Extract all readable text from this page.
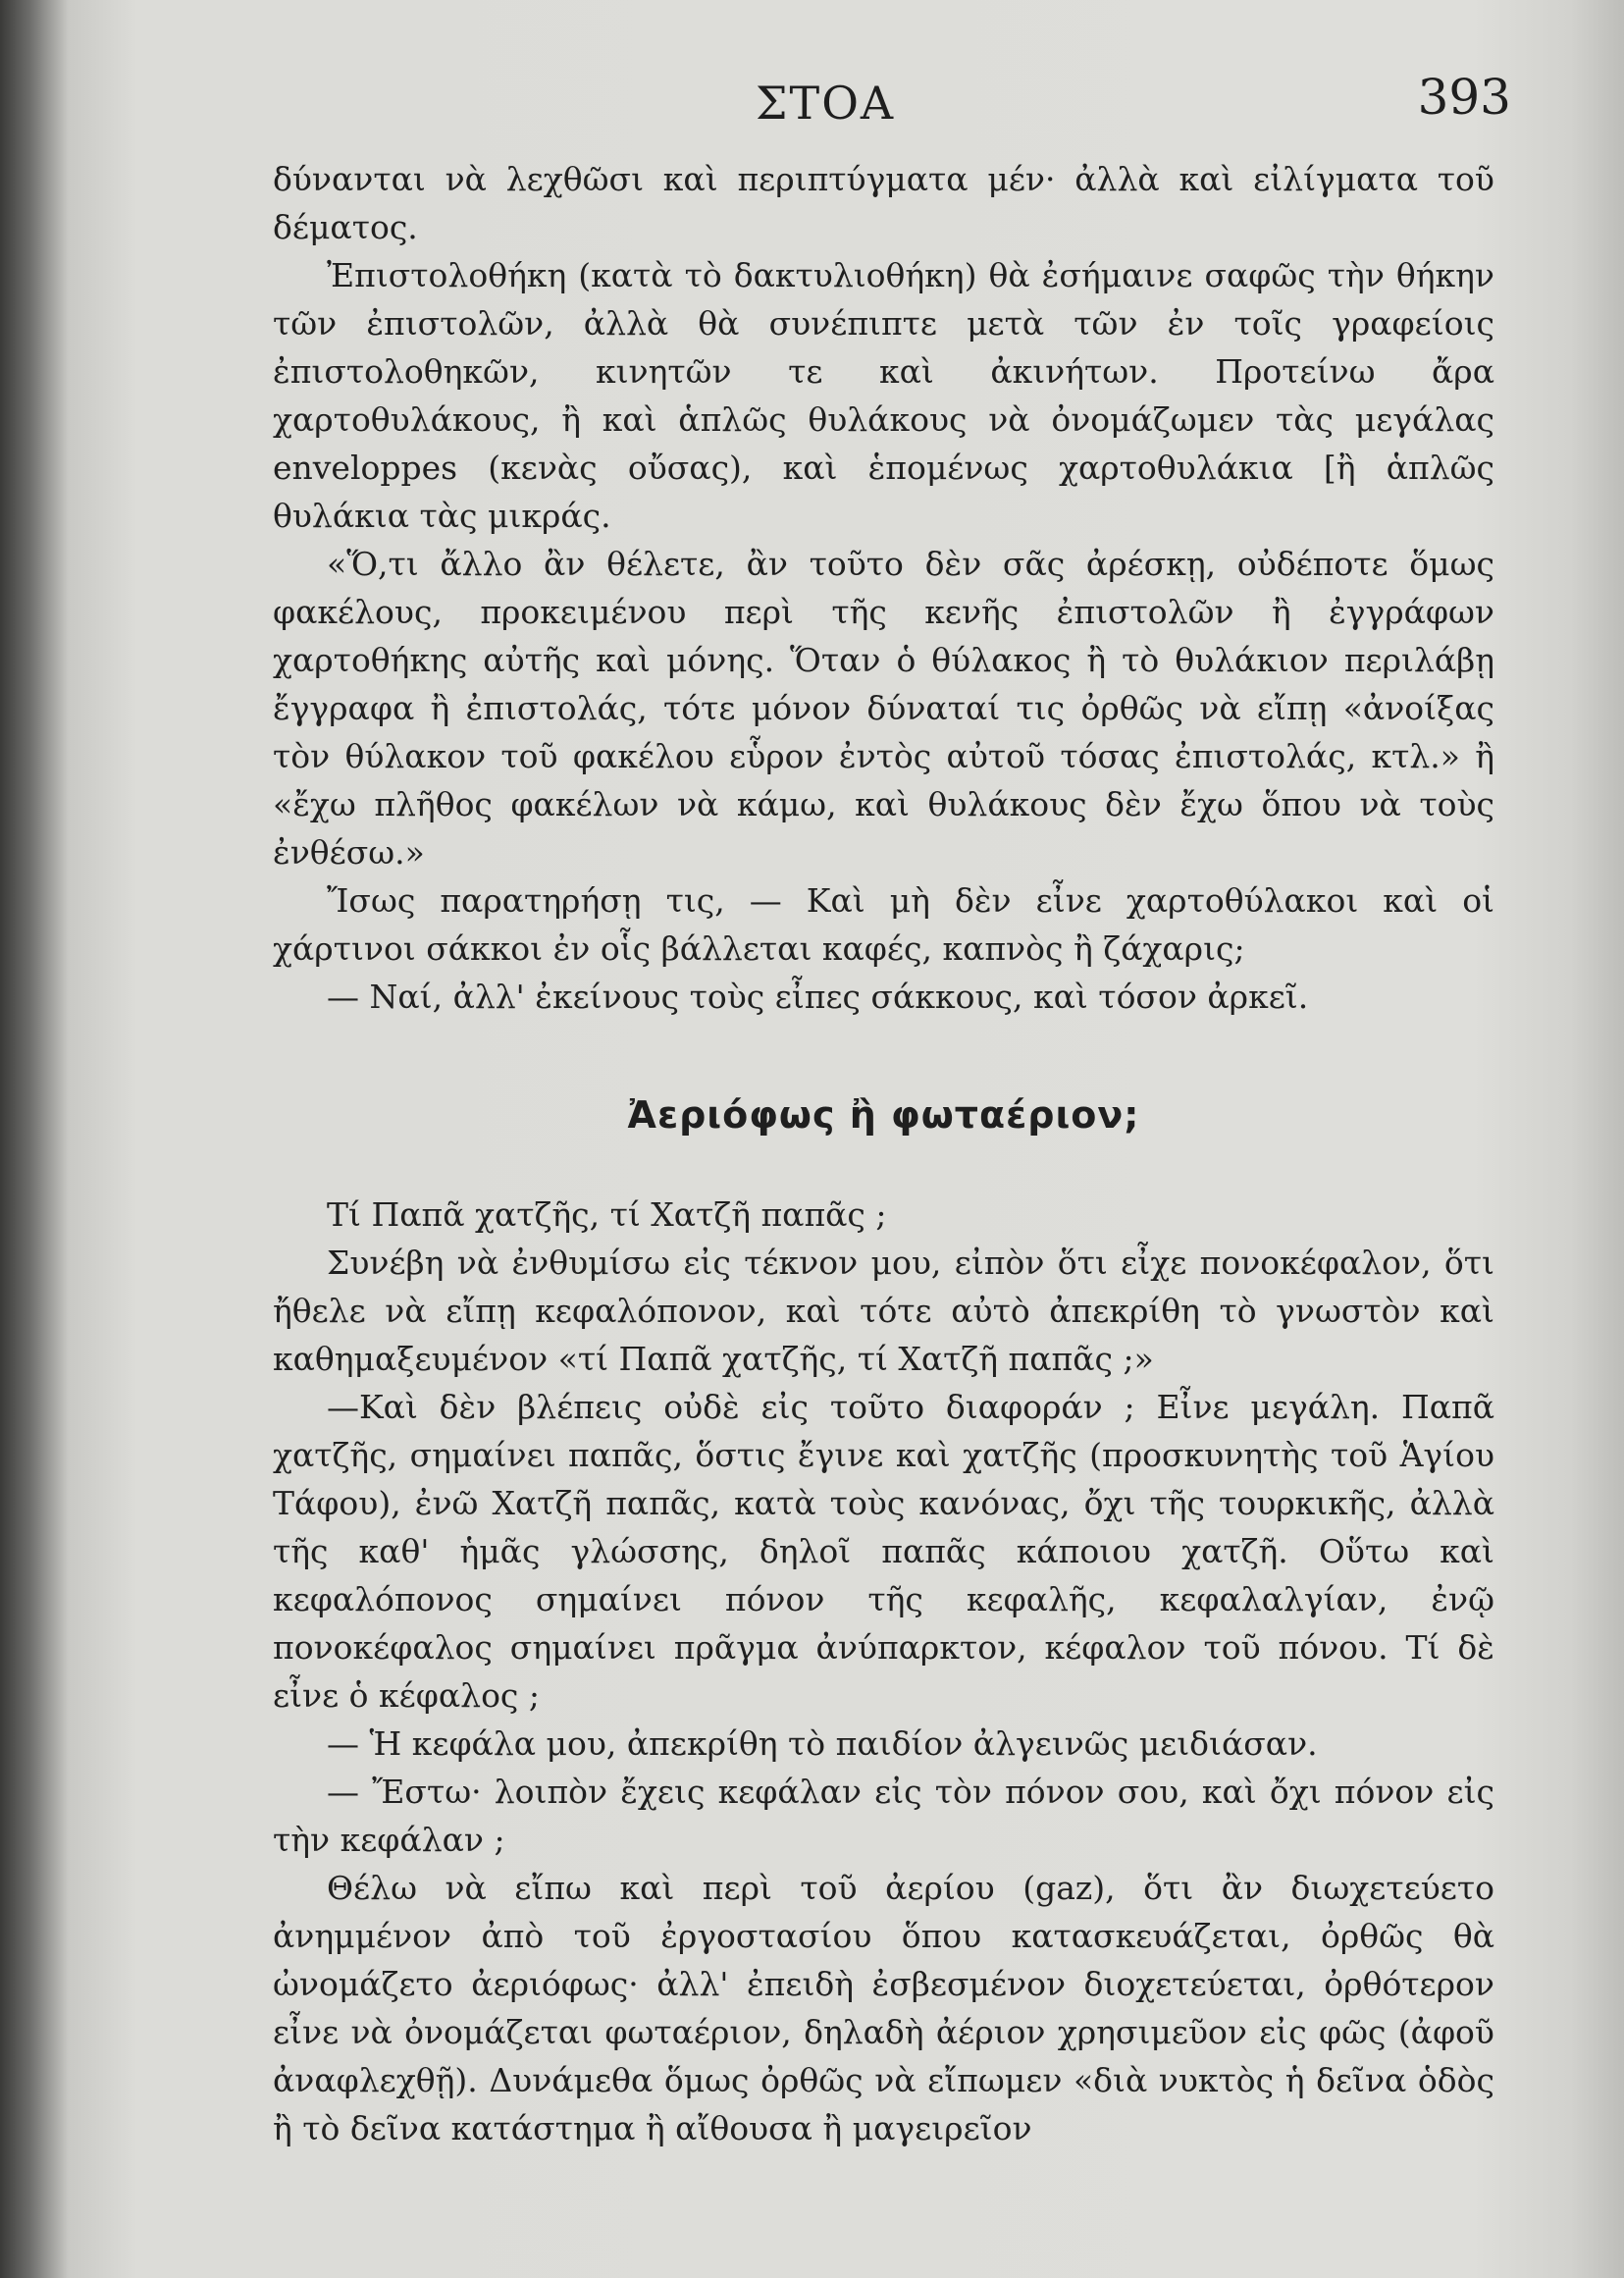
ΣΤΟΑ	393

δύνανται νὰ λεχθῶσι καὶ περιπτύγματα μέν· ἀλλὰ καὶ εἰλίγματα τοῦ δέματος.

Ἐπιστολοθήκη (κατὰ τὸ δακτυλιοθήκη) θὰ ἐσήμαινε σαφῶς τὴν θήκην τῶν ἐπιστολῶν, ἀλλὰ θὰ συνέπιπτε μετὰ τῶν ἐν τοῖς γραφείοις ἐπιστολοθηκῶν, κινητῶν τε καὶ ἀκινήτων. Προτείνω ἄρα χαρτοθυλάκους, ἢ καὶ ἁπλῶς θυλάκους νὰ ὀνομάζωμεν τὰς μεγάλας enveloppes (κενὰς οὔσας), καὶ ἑπομένως χαρτοθυλάκια [ἢ ἁπλῶς θυλάκια τὰς μικράς.

«Ὅ,τι ἄλλο ἂν θέλετε, ἂν τοῦτο δὲν σᾶς ἀρέσκῃ, οὐδέποτε ὅμως φακέλους, προκειμένου περὶ τῆς κενῆς ἐπιστολῶν ἢ ἐγγράφων χαρτοθήκης αὐτῆς καὶ μόνης. Ὅταν ὁ θύλακος ἢ τὸ θυλάκιον περιλάβῃ ἔγγραφα ἢ ἐπιστολάς, τότε μόνον δύναταί τις ὀρθῶς νὰ εἴπῃ «ἀνοίξας τὸν θύλακον τοῦ φακέλου εὗρον ἐντὸς αὐτοῦ τόσας ἐπιστολάς, κτλ.» ἢ «ἔχω πλῆθος φακέλων νὰ κάμω, καὶ θυλάκους δὲν ἔχω ὅπου νὰ τοὺς ἐνθέσω.»

Ἴσως παρατηρήσῃ τις, — Καὶ μὴ δὲν εἶνε χαρτοθύλακοι καὶ οἱ χάρτινοι σάκκοι ἐν οἷς βάλλεται καφές, καπνὸς ἢ ζάχαρις;

— Ναί, ἀλλ' ἐκείνους τοὺς εἶπες σάκκους, καὶ τόσον ἀρκεῖ.

Ἀεριόφως ἢ φωταέριον;

Τί Παπᾶ χατζῆς, τί Χατζῆ παπᾶς ;

Συνέβη νὰ ἐνθυμίσω εἰς τέκνον μου, εἰπὸν ὅτι εἶχε πονοκέφαλον, ὅτι ἤθελε νὰ εἴπῃ κεφαλόπονον, καὶ τότε αὐτὸ ἀπεκρίθη τὸ γνωστὸν καὶ καθημαξευμένον «τί Παπᾶ χατζῆς, τί Χατζῆ παπᾶς ;»

—Καὶ δὲν βλέπεις οὐδὲ εἰς τοῦτο διαφοράν ; Εἶνε μεγάλη. Παπᾶ χατζῆς, σημαίνει παπᾶς, ὅστις ἔγινε καὶ χατζῆς (προσκυνητὴς τοῦ Ἁγίου Τάφου), ἐνῶ Χατζῆ παπᾶς, κατὰ τοὺς κανόνας, ὄχι τῆς τουρκικῆς, ἀλλὰ τῆς καθ' ἡμᾶς γλώσσης, δηλοῖ παπᾶς κάποιου χατζῆ. Οὕτω καὶ κεφαλόπονος σημαίνει πόνον τῆς κεφαλῆς, κεφαλαλγίαν, ἐνῷ πονοκέφαλος σημαίνει πρᾶγμα ἀνύπαρκτον, κέφαλον τοῦ πόνου. Τί δὲ εἶνε ὁ κέφαλος ;

— Ἡ κεφάλα μου, ἀπεκρίθη τὸ παιδίον ἀλγεινῶς μειδιάσαν.

— Ἔστω· λοιπὸν ἔχεις κεφάλαν εἰς τὸν πόνον σου, καὶ ὄχι πόνον εἰς τὴν κεφάλαν ;

Θέλω νὰ εἴπω καὶ περὶ τοῦ ἀερίου (gaz), ὅτι ἂν διωχετεύετο ἀνημμένον ἀπὸ τοῦ ἐργοστασίου ὅπου κατασκευάζεται, ὀρθῶς θὰ ὠνομάζετο ἀεριόφως· ἀλλ' ἐπειδὴ ἐσβεσμένον διοχετεύεται, ὀρθότερον εἶνε νὰ ὀνομάζεται φωταέριον, δηλαδὴ ἀέριον χρησιμεῦον εἰς φῶς (ἀφοῦ ἀναφλεχθῇ). Δυνάμεθα ὅμως ὀρθῶς νὰ εἴπωμεν «διὰ νυκτὸς ἡ δεῖνα ὁδὸς ἢ τὸ δεῖνα κατάστημα ἢ αἴθουσα ἢ μαγειρεῖον
